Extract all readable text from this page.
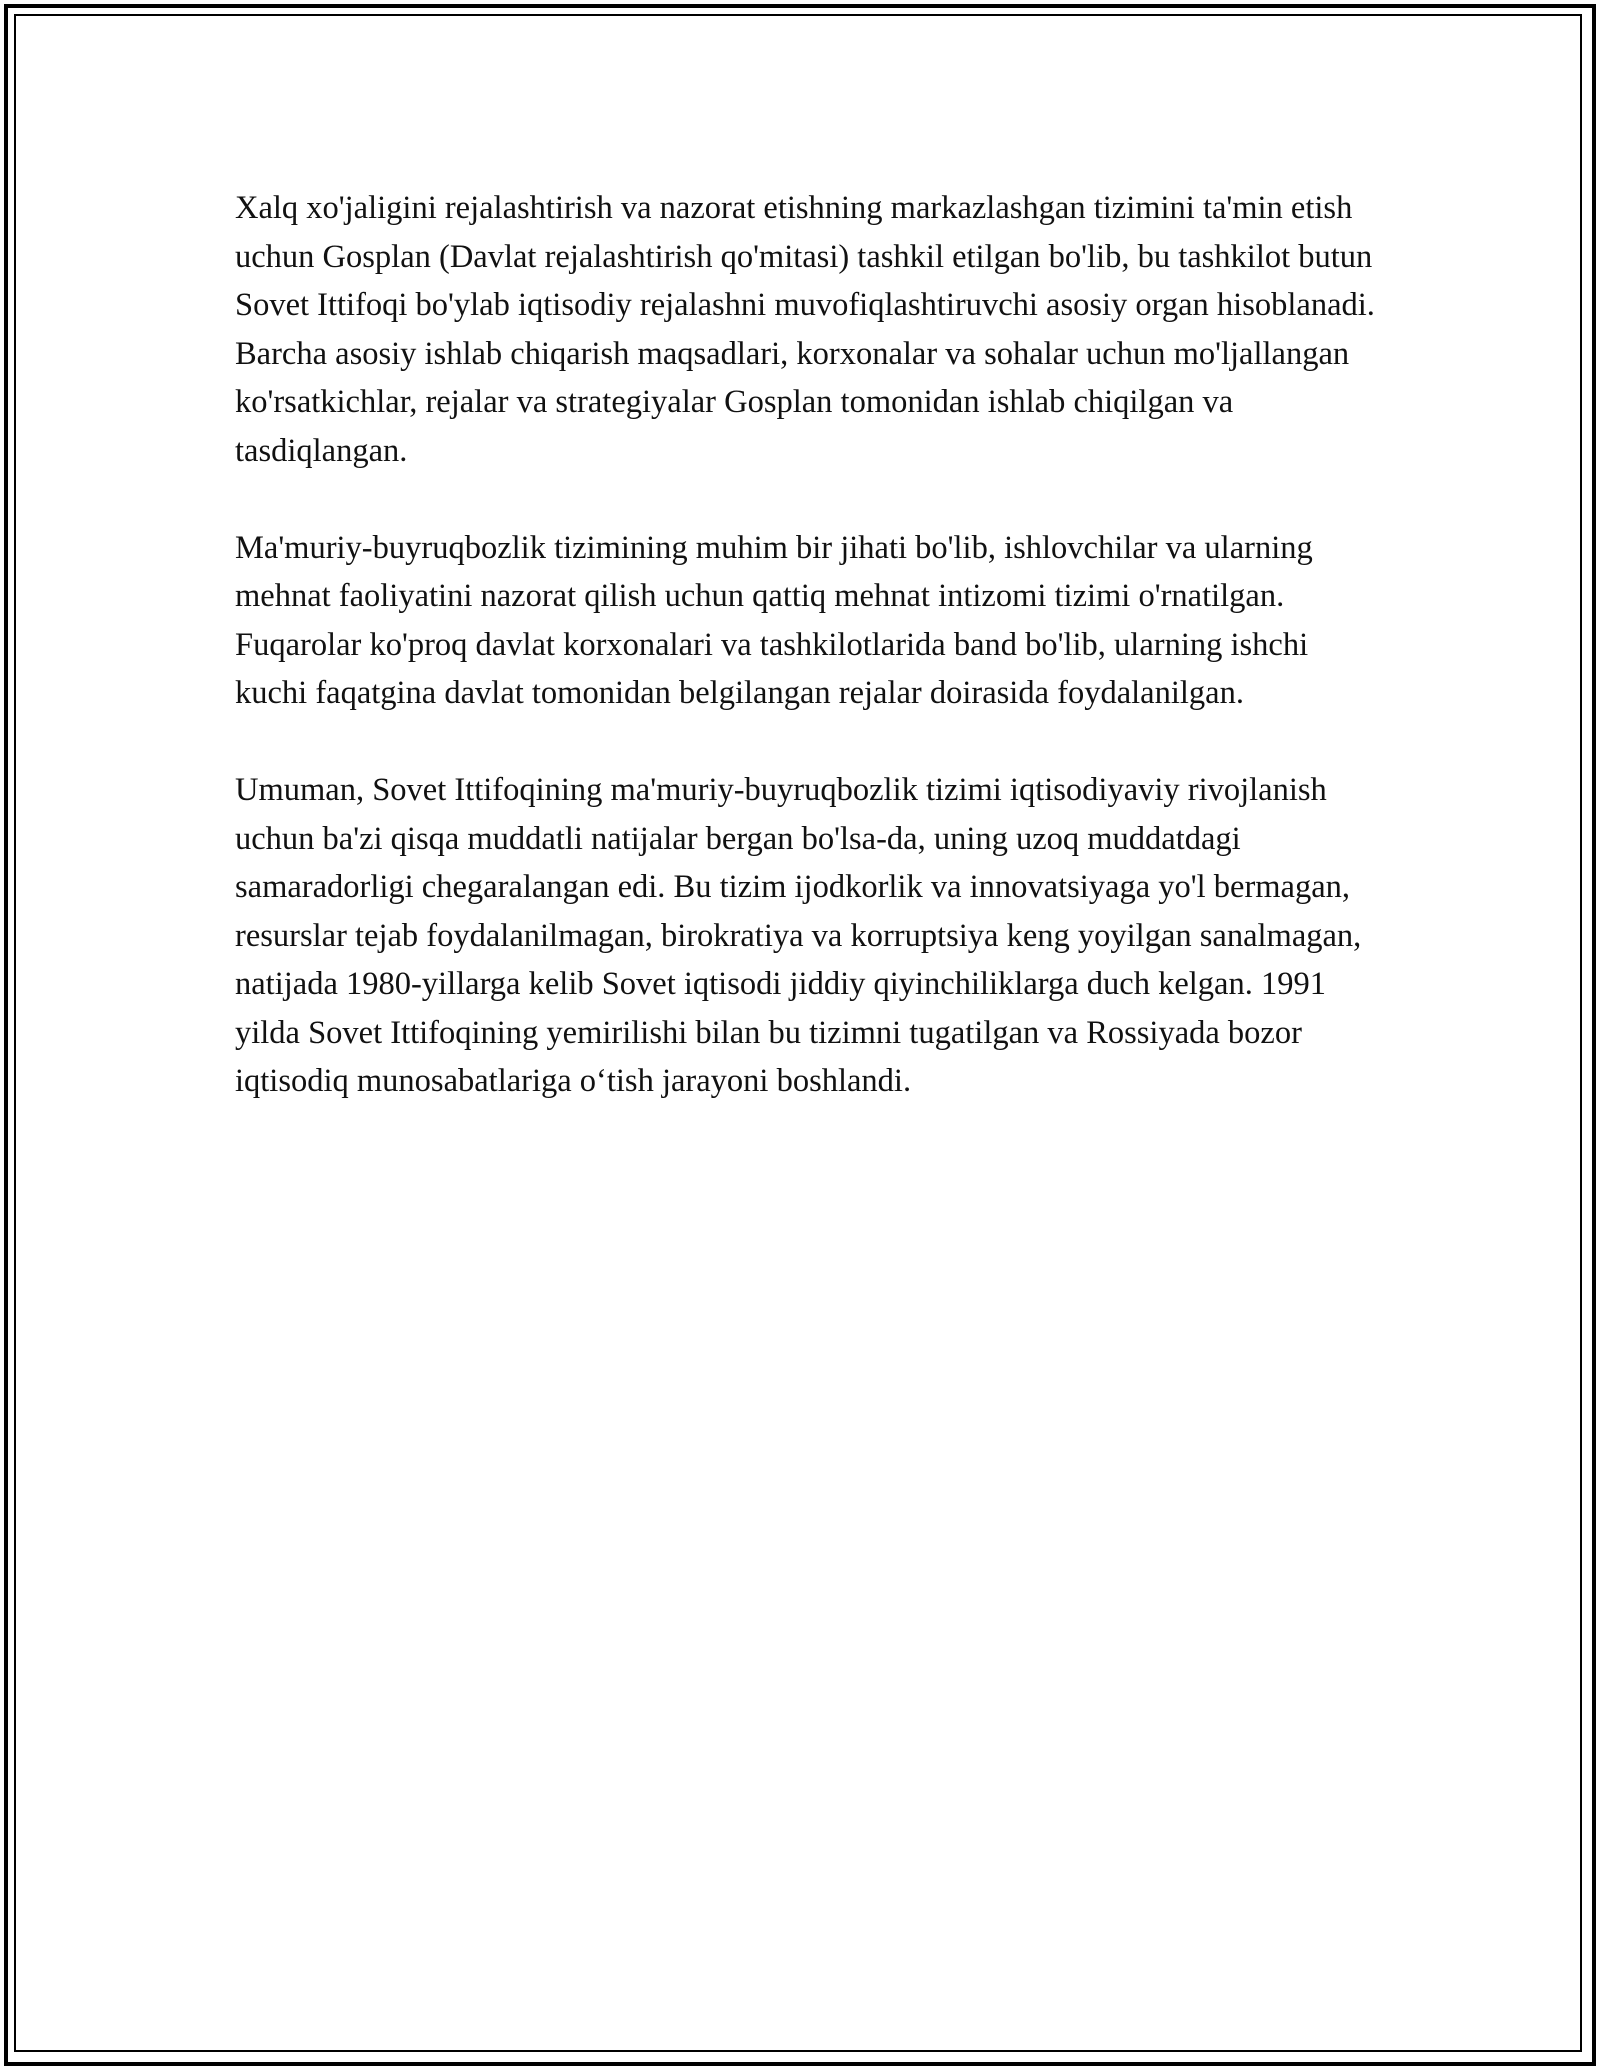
Xalq xo'jaligini rejalashtirish va nazorat etishning markazlashgan tizimini ta'min etish uchun Gosplan (Davlat rejalashtirish qo'mitasi) tashkil etilgan bo'lib, bu tashkilot butun Sovet Ittifoqi bo'ylab iqtisodiy rejalashni muvofiqlashtiruvchi asosiy organ hisoblanadi. Barcha asosiy ishlab chiqarish maqsadlari, korxonalar va sohalar uchun mo'ljallangan ko'rsatkichlar, rejalar va strategiyalar Gosplan tomonidan ishlab chiqilgan va tasdiqlangan.

Ma'muriy-buyruqbozlik tizimining muhim bir jihati bo'lib, ishlovchilar va ularning mehnat faoliyatini nazorat qilish uchun qattiq mehnat intizomi tizimi o'rnatilgan. Fuqarolar ko'proq davlat korxonalari va tashkilotlarida band bo'lib, ularning ishchi kuchi faqatgina davlat tomonidan belgilangan rejalar doirasida foydalanilgan.

Umuman, Sovet Ittifoqining ma'muriy-buyruqbozlik tizimi iqtisodiyaviy rivojlanish uchun ba'zi qisqa muddatli natijalar bergan bo'lsa-da, uning uzoq muddatdagi samaradorligi chegaralangan edi. Bu tizim ijodkorlik va innovatsiyaga yo'l bermagan, resurslar tejab foydalanilmagan, birokratiya va korruptsiya keng yoyilgan sanalmagan, natijada 1980-yillarga kelib Sovet iqtisodi jiddiy qiyinchiliklarga duch kelgan. 1991 yilda Sovet Ittifoqining yemirilishi bilan bu tizimni tugatilgan va Rossiyada bozor iqtisodiq munosabatlariga o‘tish jarayoni boshlandi.
